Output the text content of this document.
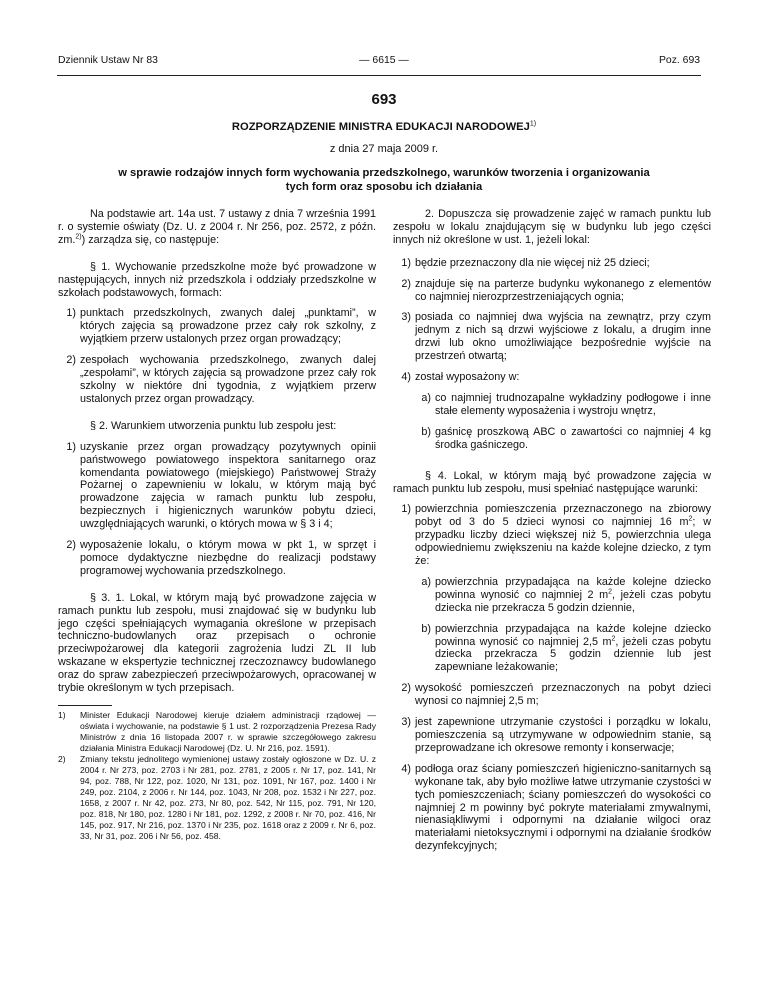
Dziennik Ustaw Nr 83	— 6615 —	Poz. 693
693
ROZPORZĄDZENIE MINISTRA EDUKACJI NARODOWEJ$^{1)}$
z dnia 27 maja 2009 r.
w sprawie rodzajów innych form wychowania przedszkolnego, warunków tworzenia i organizowania tych form oraz sposobu ich działania

Na podstawie art. 14a ust. 7 ustawy z dnia 7 września 1991 r. o systemie oświaty (Dz. U. z 2004 r. Nr 256, poz. 2572, z późn. zm.$^{2)}$) zarządza się, co następuje:

§ 1. Wychowanie przedszkolne może być prowadzone w następujących, innych niż przedszkola i oddziały przedszkolne w szkołach podstawowych, formach:

1) punktach przedszkolnych, zwanych dalej „punktami”, w których zajęcia są prowadzone przez cały rok szkolny, z wyjątkiem przerw ustalonych przez organ prowadzący;
2) zespołach wychowania przedszkolnego, zwanych dalej „zespołami”, w których zajęcia są prowadzone przez cały rok szkolny w niektóre dni tygodnia, z wyjątkiem przerw ustalonych przez organ prowadzący.

§ 2. Warunkiem utworzenia punktu lub zespołu jest:

1) uzyskanie przez organ prowadzący pozytywnych opinii państwowego powiatowego inspektora sanitarnego oraz komendanta powiatowego (miejskiego) Państwowej Straży Pożarnej o zapewnieniu w lokalu, w którym mają być prowadzone zajęcia w ramach punktu lub zespołu, bezpiecznych i higienicznych warunków pobytu dzieci, uwzględniających warunki, o których mowa w § 3 i 4;
2) wyposażenie lokalu, o którym mowa w pkt 1, w sprzęt i pomoce dydaktyczne niezbędne do realizacji podstawy programowej wychowania przedszkolnego.

§ 3. 1. Lokal, w którym mają być prowadzone zajęcia w ramach punktu lub zespołu, musi znajdować się w budynku lub jego części spełniających wymagania określone w przepisach techniczno-budowlanych oraz przepisach o ochronie przeciwpożarowej dla kategorii zagrożenia ludzi ZL II lub wskazane w ekspertyzie technicznej rzeczoznawcy budowlanego oraz do spraw zabezpieczeń przeciwpożarowych, opracowanej w trybie określonym w tych przepisach.

1)	Minister Edukacji Narodowej kieruje działem administracji rządowej — oświata i wychowanie, na podstawie § 1 ust. 2 rozporządzenia Prezesa Rady Ministrów z dnia 16 listopada 2007 r. w sprawie szczegółowego zakresu działania Ministra Edukacji Narodowej (Dz. U. Nr 216, poz. 1591).
2)	Zmiany tekstu jednolitego wymienionej ustawy zostały ogłoszone w Dz. U. z 2004 r. Nr 273, poz. 2703 i Nr 281, poz. 2781, z 2005 r. Nr 17, poz. 141, Nr 94, poz. 788, Nr 122, poz. 1020, Nr 131, poz. 1091, Nr 167, poz. 1400 i Nr 249, poz. 2104, z 2006 r. Nr 144, poz. 1043, Nr 208, poz. 1532 i Nr 227, poz. 1658, z 2007 r. Nr 42, poz. 273, Nr 80, poz. 542, Nr 115, poz. 791, Nr 120, poz. 818, Nr 180, poz. 1280 i Nr 181, poz. 1292, z 2008 r. Nr 70, poz. 416, Nr 145, poz. 917, Nr 216, poz. 1370 i Nr 235, poz. 1618 oraz z 2009 r. Nr 6, poz. 33, Nr 31, poz. 206 i Nr 56, poz. 458.

2. Dopuszcza się prowadzenie zajęć w ramach punktu lub zespołu w lokalu znajdującym się w budynku lub jego części innych niż określone w ust. 1, jeżeli lokal:

1) będzie przeznaczony dla nie więcej niż 25 dzieci;
2) znajduje się na parterze budynku wykonanego z elementów co najmniej nierozprzestrzeniających ognia;
3) posiada co najmniej dwa wyjścia na zewnątrz, przy czym jednym z nich są drzwi wyjściowe z lokalu, a drugim inne drzwi lub okno umożliwiające bezpośrednie wyjście na przestrzeń otwartą;
4) został wyposażony w:
a) co najmniej trudnozapalne wykładziny podłogowe i inne stałe elementy wyposażenia i wystroju wnętrz,
b) gaśnicę proszkową ABC o zawartości co najmniej 4 kg środka gaśniczego.

§ 4. Lokal, w którym mają być prowadzone zajęcia w ramach punktu lub zespołu, musi spełniać następujące warunki:

1) powierzchnia pomieszczenia przeznaczonego na zbiorowy pobyt od 3 do 5 dzieci wynosi co najmniej 16 $m^2$; w przypadku liczby dzieci większej niż 5, powierzchnia ulega odpowiedniemu zwiększeniu na każde kolejne dziecko, z tym że:
a) powierzchnia przypadająca na każde kolejne dziecko powinna wynosić co najmniej 2 $m^2$, jeżeli czas pobytu dziecka nie przekracza 5 godzin dziennie,
b) powierzchnia przypadająca na każde kolejne dziecko powinna wynosić co najmniej 2,5 $m^2$, jeżeli czas pobytu dziecka przekracza 5 godzin dziennie lub jest zapewniane leżakowanie;
2) wysokość pomieszczeń przeznaczonych na pobyt dzieci wynosi co najmniej 2,5 m;
3) jest zapewnione utrzymanie czystości i porządku w lokalu, pomieszczenia są utrzymywane w odpowiednim stanie, są przeprowadzane ich okresowe remonty i konserwacje;
4) podłoga oraz ściany pomieszczeń higieniczno-sanitarnych są wykonane tak, aby było możliwe łatwe utrzymanie czystości w tych pomieszczeniach; ściany pomieszczeń do wysokości co najmniej 2 m powinny być pokryte materiałami zmywalnymi, nienasiąkliwymi i odpornymi na działanie wilgoci oraz materiałami nietoksycznymi i odpornymi na działanie środków dezynfekcyjnych;
